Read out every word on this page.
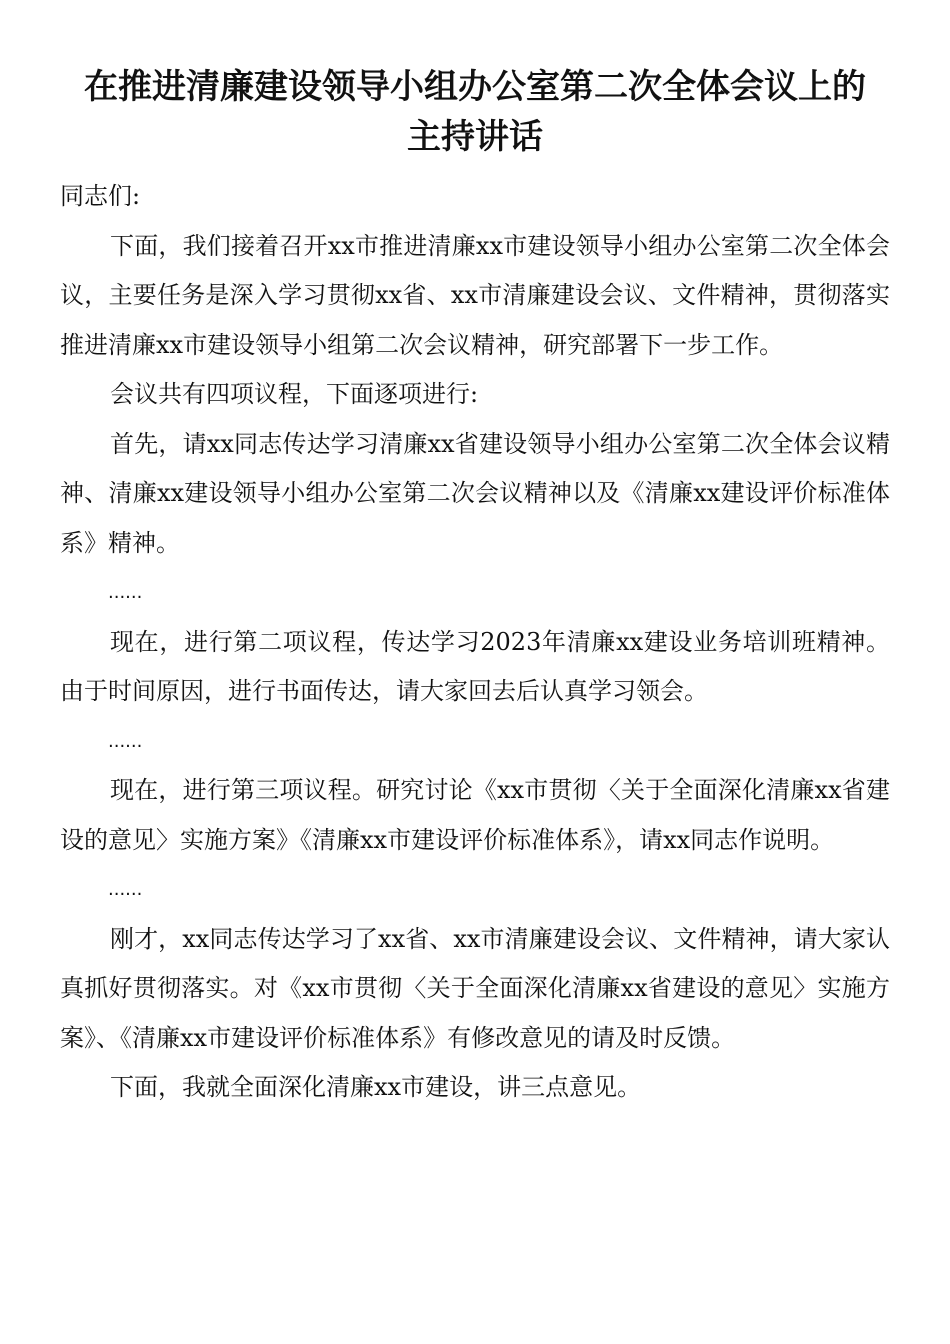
在推进清廉建设领导小组办公室第二次全体会议上的
主持讲话

同志们:

下面，我们接着召开xx市推进清廉xx市建设领导小组办公室第二次全体会议，主要任务是深入学习贯彻xx省、xx市清廉建设会议、文件精神，贯彻落实推进清廉xx市建设领导小组第二次会议精神，研究部署下一步工作。

会议共有四项议程，下面逐项进行:

首先，请xx同志传达学习清廉xx省建设领导小组办公室第二次全体会议精神、清廉xx建设领导小组办公室第二次会议精神以及《清廉xx建设评价标准体系》精神。

......

现在，进行第二项议程，传达学习2023年清廉xx建设业务培训班精神。由于时间原因，进行书面传达，请大家回去后认真学习领会。

......

现在，进行第三项议程。研究讨论《xx市贯彻〈关于全面深化清廉xx省建设的意见〉实施方案》《清廉xx市建设评价标准体系》，请xx同志作说明。

......

刚才，xx同志传达学习了xx省、xx市清廉建设会议、文件精神，请大家认真抓好贯彻落实。对《xx市贯彻〈关于全面深化清廉xx省建设的意见〉实施方案》、《清廉xx市建设评价标准体系》有修改意见的请及时反馈。

下面，我就全面深化清廉xx市建设，讲三点意见。
